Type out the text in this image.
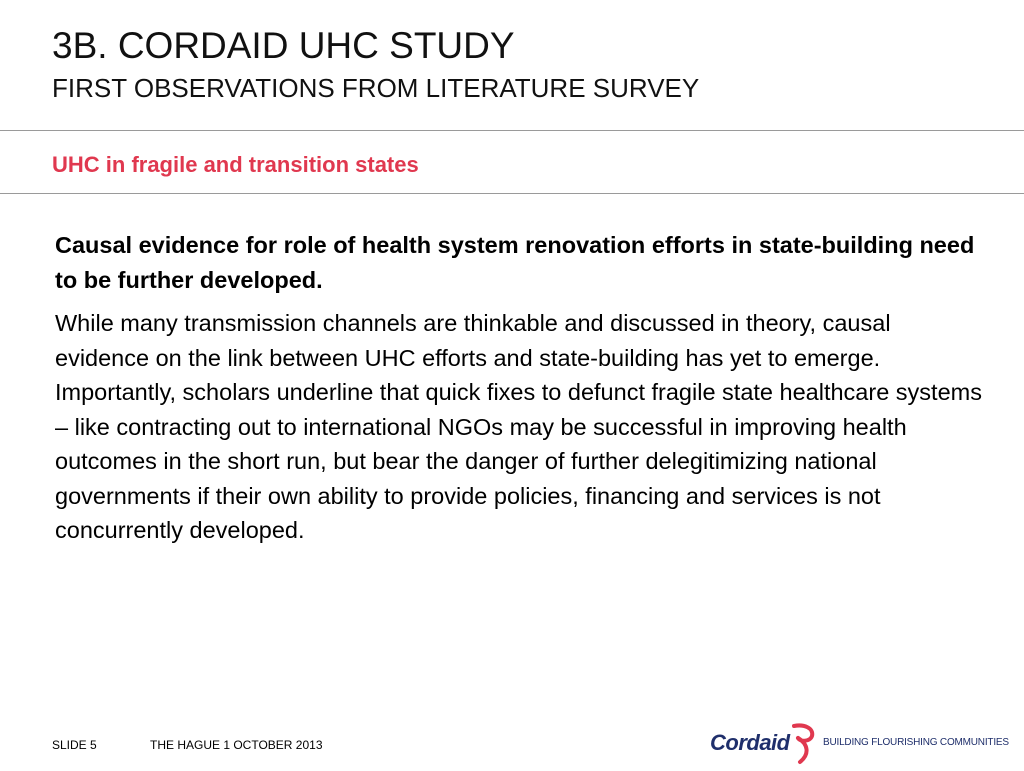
3B. CORDAID UHC STUDY
FIRST OBSERVATIONS FROM LITERATURE SURVEY
UHC in fragile and transition states

Causal evidence for role of health system renovation efforts in state-building need to be further developed.

While many transmission channels are thinkable and discussed in theory, causal evidence on the link between UHC efforts and state-building has yet to emerge. Importantly, scholars underline that quick fixes to defunct fragile state healthcare systems – like contracting out to international NGOs may be successful in improving health outcomes in the short run, but bear the danger of further delegitimizing national governments if their own ability to provide policies, financing and services is not concurrently developed.

SLIDE 5	THE HAGUE 1 OCTOBER 2013	Cordaid	BUILDING FLOURISHING COMMUNITIES
